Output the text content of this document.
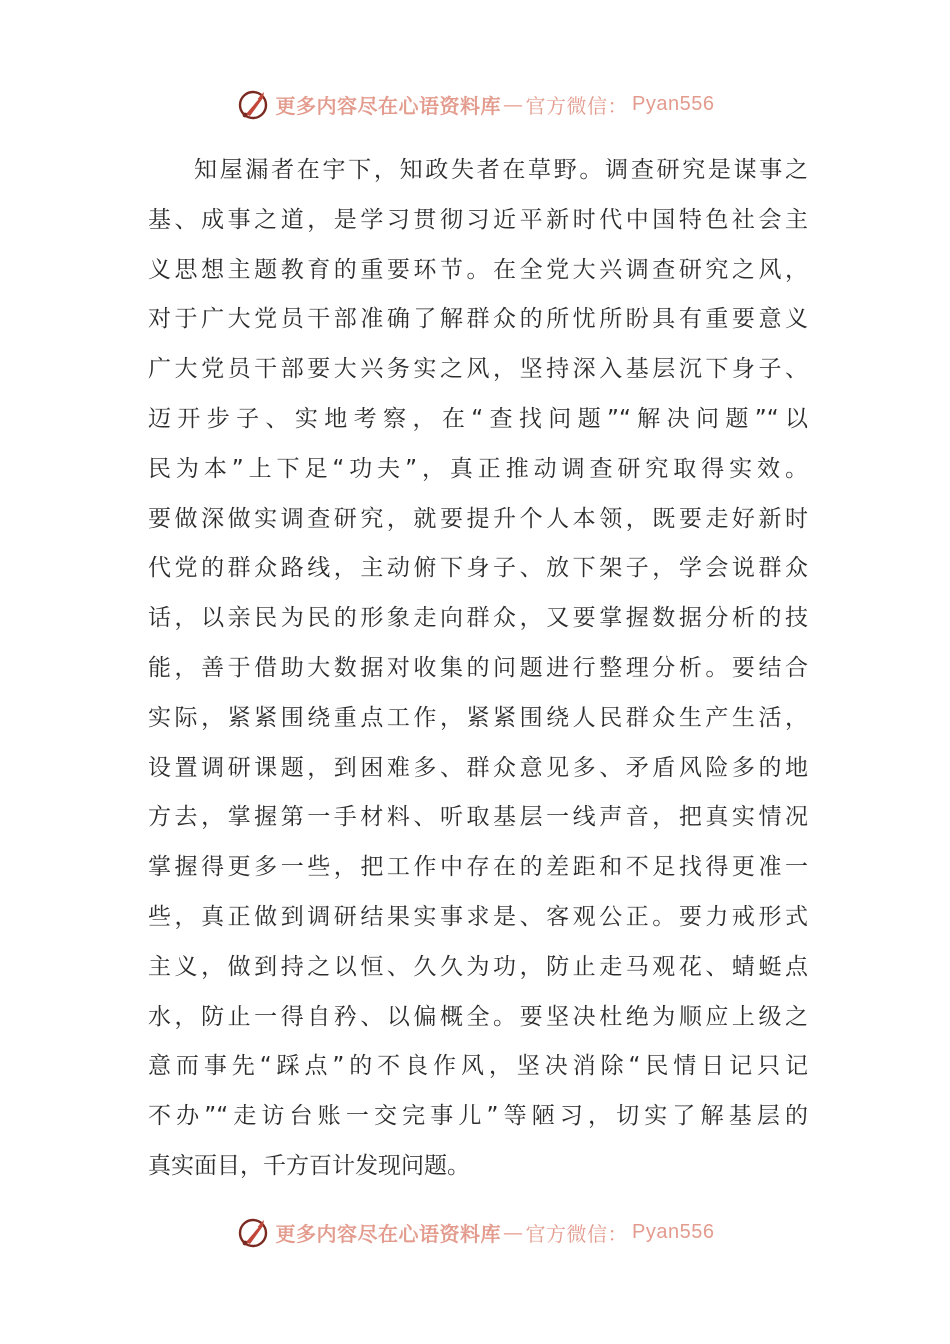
更多内容尽在心语资料库 — 官方微信： Pyan556
知屋漏者在宇下，知政失者在草野。调查研究是谋事之
基、成事之道，是学习贯彻习近平新时代中国特色社会主
义思想主题教育的重要环节。在全党大兴调查研究之风，
对于广大党员干部准确了解群众的所忧所盼具有重要意义
广大党员干部要大兴务实之风，坚持深入基层沉下身子、
迈开步子、实地考察，在“查找问题”“解决问题”“以
民为本”上下足“功夫”，真正推动调查研究取得实效。
要做深做实调查研究，就要提升个人本领，既要走好新时
代党的群众路线，主动俯下身子、放下架子，学会说群众
话，以亲民为民的形象走向群众，又要掌握数据分析的技
能，善于借助大数据对收集的问题进行整理分析。要结合
实际，紧紧围绕重点工作，紧紧围绕人民群众生产生活，
设置调研课题，到困难多、群众意见多、矛盾风险多的地
方去，掌握第一手材料、听取基层一线声音，把真实情况
掌握得更多一些，把工作中存在的差距和不足找得更准一
些，真正做到调研结果实事求是、客观公正。要力戒形式
主义，做到持之以恒、久久为功，防止走马观花、蜻蜓点
水，防止一得自矜、以偏概全。要坚决杜绝为顺应上级之
意而事先“踩点”的不良作风，坚决消除“民情日记只记
不办”“走访台账一交完事儿”等陋习，切实了解基层的
真实面目，千方百计发现问题。
更多内容尽在心语资料库 — 官方微信： Pyan556
